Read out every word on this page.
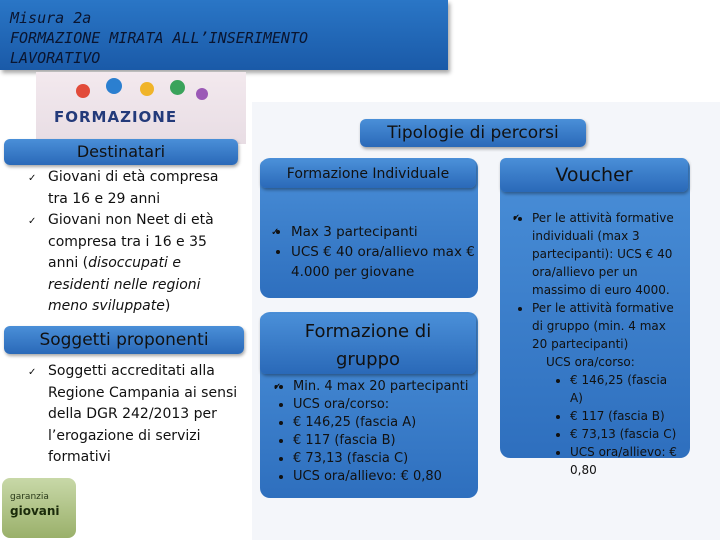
Misura 2a
FORMAZIONE MIRATA ALL’INSERIMENTO
LAVORATIVO
FORMAZIONE
Destinatari
✓ Giovani di età compresa tra 16 e 29 anni
✓ Giovani non Neet di età compresa tra i 16 e 35 anni (disoccupati e residenti nelle regioni meno sviluppate)
Soggetti proponenti
✓ Soggetti accreditati alla Regione Campania ai sensi della DGR 242/2013 per l’erogazione di servizi formativi
garanzia
giovani
Tipologie di percorsi
Formazione Individuale
✓ • Max 3 partecipanti
✓ • UCS € 40 ora/allievo max € 4.000 per giovane
Formazione di
gruppo
✓ • Min. 4 max 20 partecipanti
✓ • UCS ora/corso:
• • € 146,25 (fascia A)
• • € 117 (fascia B)
• • € 73,13 (fascia C)
• • UCS ora/allievo: € 0,80
Voucher
✓ • Per le attività formative individuali (max 3 partecipanti): UCS € 40 ora/allievo per un massimo di euro 4000.
✓ • Per le attività formative di gruppo (min. 4 max 20 partecipanti)
UCS ora/corso:
• • € 146,25 (fascia A)
• • € 117 (fascia B)
• • € 73,13 (fascia C)
• • UCS ora/allievo: € 0,80
